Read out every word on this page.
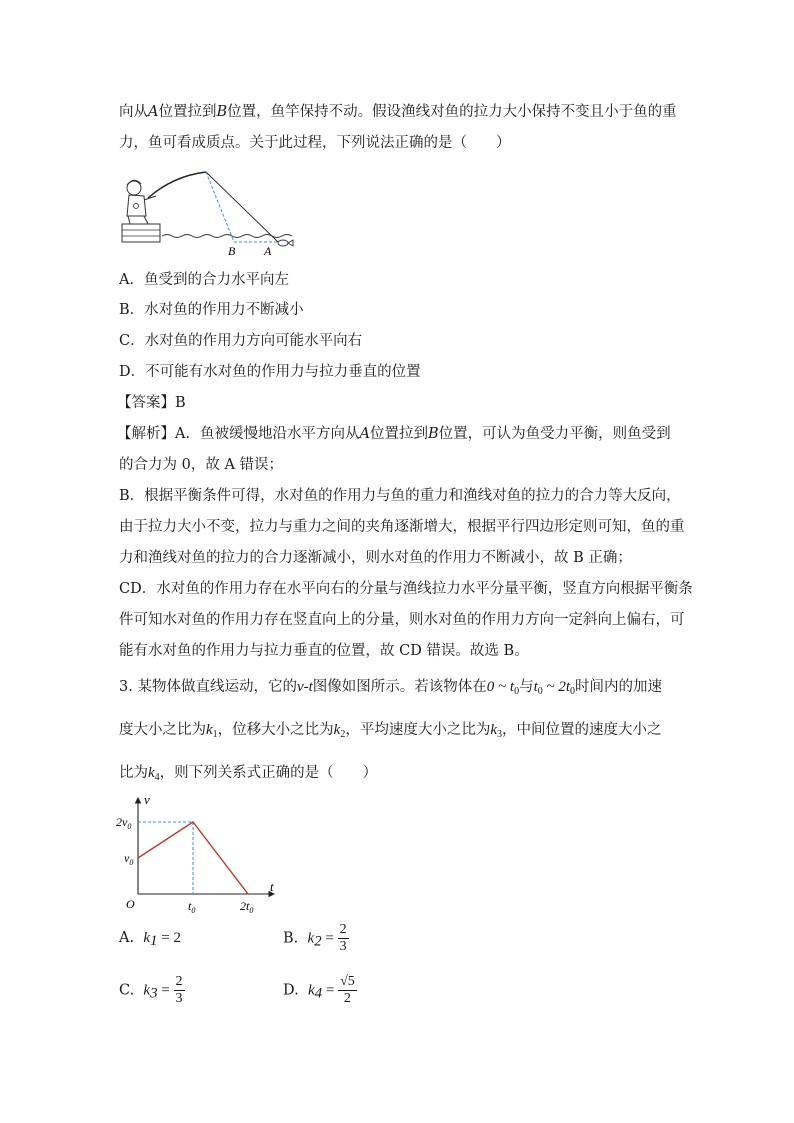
向从A位置拉到B位置，鱼竿保持不动。假设渔线对鱼的拉力大小保持不变且小于鱼的重
力，鱼可看成质点。关于此过程，下列说法正确的是（　　）
B A
A．鱼受到的合力水平向左
B．水对鱼的作用力不断减小
C．水对鱼的作用力方向可能水平向右
D．不可能有水对鱼的作用力与拉力垂直的位置
【答案】B
【解析】A．鱼被缓慢地沿水平方向从A位置拉到B位置，可认为鱼受力平衡，则鱼受到
的合力为 0，故 A 错误；
B．根据平衡条件可得，水对鱼的作用力与鱼的重力和渔线对鱼的拉力的合力等大反向，
由于拉力大小不变，拉力与重力之间的夹角逐渐增大，根据平行四边形定则可知，鱼的重
力和渔线对鱼的拉力的合力逐渐减小，则水对鱼的作用力不断减小，故 B 正确；
CD．水对鱼的作用力存在水平向右的分量与渔线拉力水平分量平衡，竖直方向根据平衡条
件可知水对鱼的作用力存在竖直向上的分量，则水对鱼的作用力方向一定斜向上偏右，可
能有水对鱼的作用力与拉力垂直的位置，故 CD 错误。故选 B。
3. 某物体做直线运动，它的v-t图像如图所示。若该物体在0 ~ $t_0$与$t_0$ ~ $2t_0$时间内的加速
度大小之比为$k_1$，位移大小之比为$k_2$，平均速度大小之比为$k_3$，中间位置的速度大小之
比为$k_4$，则下列关系式正确的是（　　）
v
t
O
$2v_0$
$v_0$
$t_0$	$2t_0$
A. $k_1 = 2$	B. $k_2 = \frac{2}{3}$
C. $k_3 = \frac{2}{3}$	D. $k_4 = \frac{√5}{2}$
